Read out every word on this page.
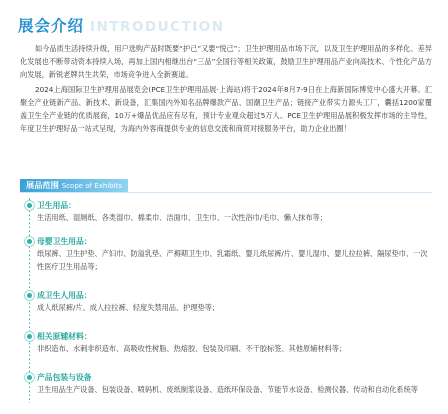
展会介绍 INTRODUCTION

如今品质生活持续升级，用户选购产品时既要“护己”又要“悦己”；卫生护理用品市场下沉，以及卫生护理用品的多样化、差异化发展也不断带动资本持续入场，再加上国内相继出台“三品”全国行等相关政策，鼓励卫生护理用品产业向高技术、个性化产品方向发展，新锐老牌共生共荣，市场竞争进入全新赛道。

2024上海国际卫生护理用品展览会(PCE卫生护理用品展·上海站)将于2024年8月7-9日在上海新国际博览中心盛大开幕。汇聚全产业链新产品、新技术、新设备，汇集国内外知名品牌爆款产品、国潮卫生产品；链接产业带实力源头工厂，囊括1200家覆盖卫生全产业链的优质展商，10万+爆品优品应有尽有，预计专业观众超过5万人。PCE卫生护理用品展积极发挥市场的主导性，年度卫生护理好品一站式呈现，为海内外客商提供专业的信息交流和商贸对接服务平台，助力企业出圈！

展品范围 Scope of Exhibits
卫生用品：
生活用纸、湿厕纸、各类湿巾、棉柔巾、洁面巾、卫生巾、一次性浴巾/毛巾、懒人抹布等；
母婴卫生用品：
纸尿裤、卫生护垫、产妇巾、防溢乳垫、产褥期卫生巾、乳霜纸、婴儿纸尿裤/片、婴儿湿巾、婴儿拉拉裤、隔尿垫巾、一次性医疗卫生用品等；
成卫生人用品：
成人纸尿裤/片、成人拉拉裤、轻度失禁用品、护理垫等；
相关原辅材料：
非织造布、水刺非织造布、高吸收性树脂、热熔胶、包装及印刷、不干胶标签、其他原辅材料等；
产品包装与设备
卫生用品生产设备、包装设备、喷码机、废纸制浆设备、造纸环保设备、节能节水设备、检测仪器、传动和自动化系统等
